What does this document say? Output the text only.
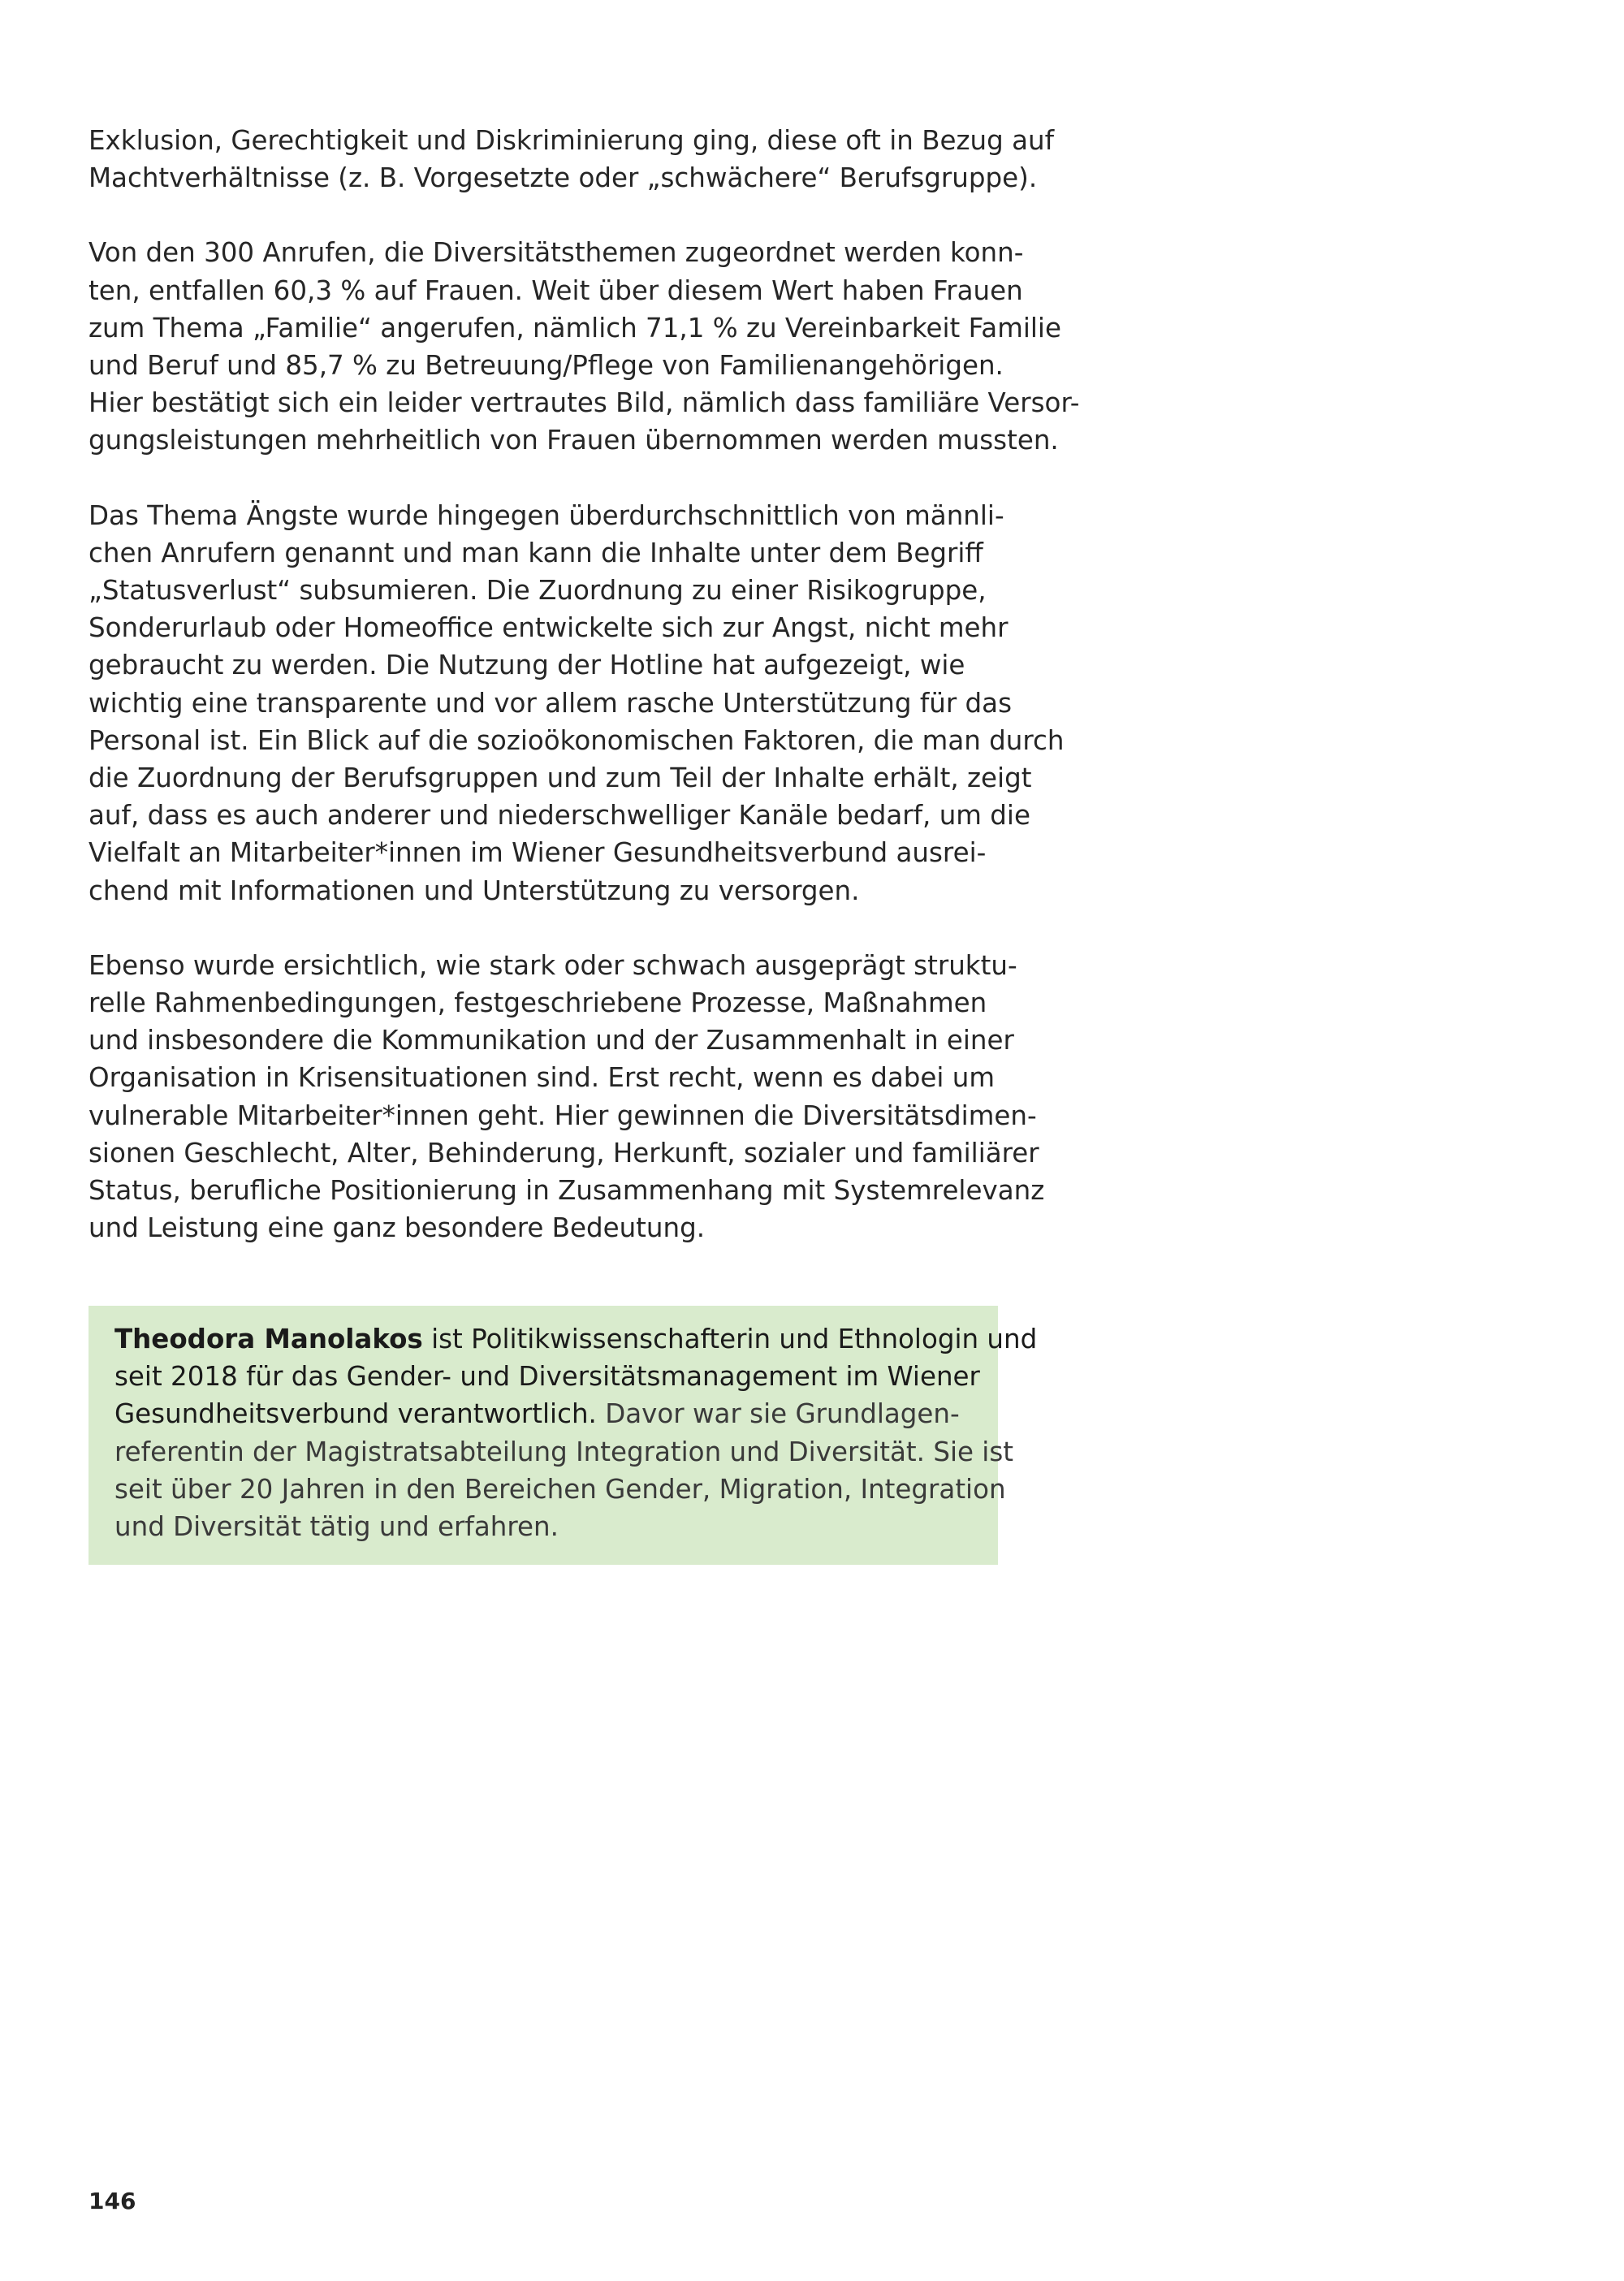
Exklusion, Gerechtigkeit und Diskriminierung ging, diese oft in Bezug auf
Machtverhältnisse (z. B. Vorgesetzte oder „schwächere“ Berufsgruppe).

Von den 300 Anrufen, die Diversitätsthemen zugeordnet werden konn-
ten, entfallen 60,3 % auf Frauen. Weit über diesem Wert haben Frauen
zum Thema „Familie“ angerufen, nämlich 71,1 % zu Vereinbarkeit Familie
und Beruf und 85,7 % zu Betreuung/Pflege von Familienangehörigen.
Hier bestätigt sich ein leider vertrautes Bild, nämlich dass familiäre Versor-
gungsleistungen mehrheitlich von Frauen übernommen werden mussten.

Das Thema Ängste wurde hingegen überdurchschnittlich von männli-
chen Anrufern genannt und man kann die Inhalte unter dem Begriff
„Statusverlust“ subsumieren. Die Zuordnung zu einer Risikogruppe,
Sonderurlaub oder Homeoffice entwickelte sich zur Angst, nicht mehr
gebraucht zu werden. Die Nutzung der Hotline hat aufgezeigt, wie
wichtig eine transparente und vor allem rasche Unterstützung für das
Personal ist. Ein Blick auf die sozioökonomischen Faktoren, die man durch
die Zuordnung der Berufsgruppen und zum Teil der Inhalte erhält, zeigt
auf, dass es auch anderer und niederschwelliger Kanäle bedarf, um die
Vielfalt an Mitarbeiter*innen im Wiener Gesundheitsverbund ausrei-
chend mit Informationen und Unterstützung zu versorgen.

Ebenso wurde ersichtlich, wie stark oder schwach ausgeprägt struktu-
relle Rahmenbedingungen, festgeschriebene Prozesse, Maßnahmen
und insbesondere die Kommunikation und der Zusammenhalt in einer
Organisation in Krisensituationen sind. Erst recht, wenn es dabei um
vulnerable Mitarbeiter*innen geht. Hier gewinnen die Diversitätsdimen-
sionen Geschlecht, Alter, Behinderung, Herkunft, sozialer und familiärer
Status, berufliche Positionierung in Zusammenhang mit Systemrelevanz
und Leistung eine ganz besondere Bedeutung.

Theodora Manolakos ist Politikwissenschafterin und Ethnologin und
seit 2018 für das Gender- und Diversitätsmanagement im Wiener
Gesundheitsverbund verantwortlich. Davor war sie Grundlagen-
referentin der Magistratsabteilung Integration und Diversität. Sie ist
seit über 20 Jahren in den Bereichen Gender, Migration, Integration
und Diversität tätig und erfahren.

146
